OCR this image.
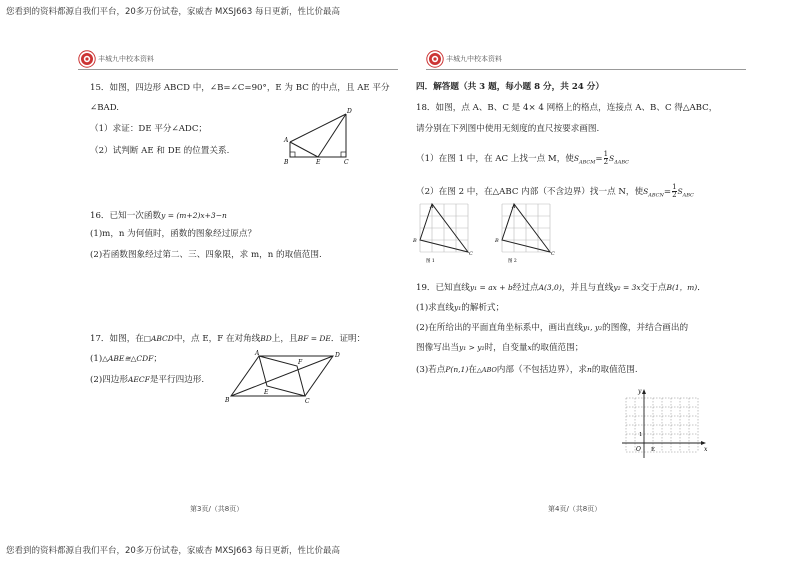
您看到的资料都源自我们平台，20多万份试卷，家威杏 MXSJ663 每日更新，性比价最高
丰城九中校本资料
15．如图，四边形 ABCD 中，∠B=∠C=90°，E 为 BC 的中点，且 AE 平分
∠BAD.
（1）求证：DE 平分∠ADC；
（2）试判断 AE 和 DE 的位置关系.
A
B	E	C
D
16．已知一次函数y = (m+2)x+3−n
(1)m，n 为何值时，函数的图象经过原点？
(2)若函数图象经过第二、三、四象限，求 m，n 的取值范围.
17．如图，在□ABCD中，点 E，F 在对角线BD上，且BF = DE．证明：
(1)△ABE≅△CDF；
(2)四边形AECF是平行四边形.
A	D
B	C
E
F
第3页/（共8页）
丰城九中校本资料
四．解答题（共 3 题，每小题 8 分，共 24 分）
18．如图，点 A、B、C 是 4× 4 网格上的格点，连接点 A、B、C 得△ABC，
请分别在下列图中使用无刻度的直尺按要求画图.
（1）在图 1 中，在 AC 上找一点 M，使$S_{ABCM}= \frac{1}{2} S_{\Delta ABC}$
（2）在图 2 中，在△ABC 内部（不含边界）找一点 N，使$S_{ABCN}= \frac{1}{2} S_{ABC}$
A
B
C
图 1
A
B
C
图 2
19．已知直线y₁ = ax + b经过点A(3,0)，并且与直线y₂ = 3x交于点B(1，m)．
(1)求直线y₁的解析式；
(2)在所给出的平面直角坐标系中，画出直线y₁, y₂的图像，并结合画出的
图像写出当y₁ > y₂时，自变量x的取值范围；
(3)若点P(n,1)在△ABO内部（不包括边界），求n的取值范围.
y
x
O
1
E
第4页/（共8页）
您看到的资料都源自我们平台，20多万份试卷，家威杏 MXSJ663 每日更新，性比价最高
